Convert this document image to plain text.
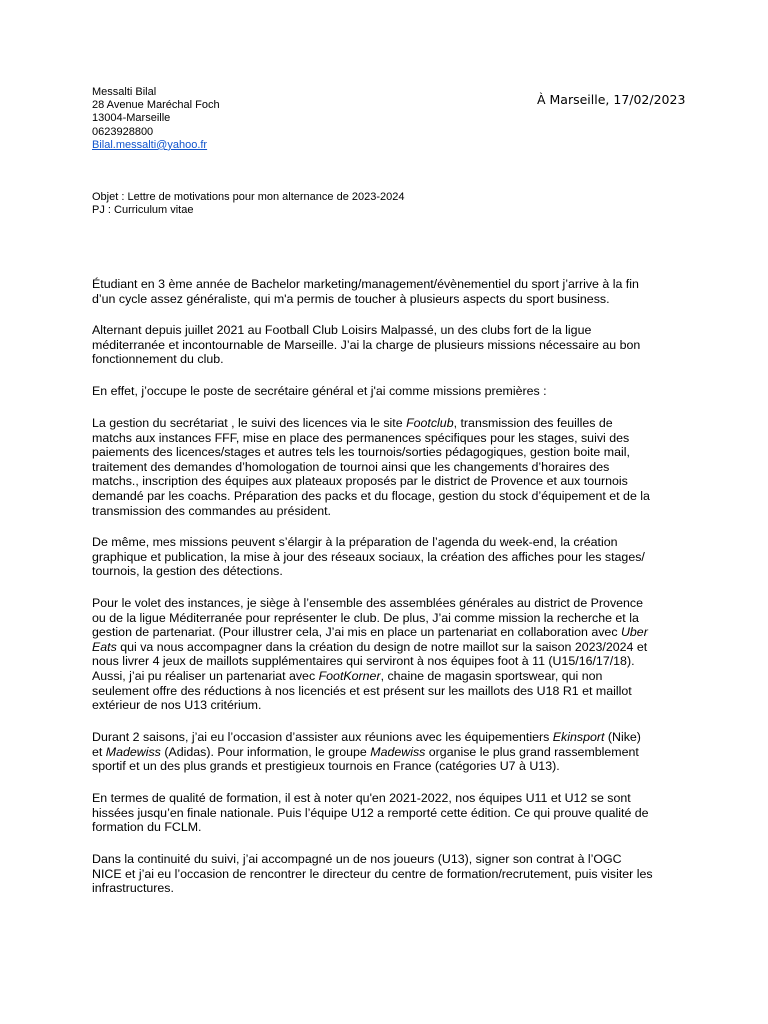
Messalti Bilal
28 Avenue Maréchal Foch
13004-Marseille
0623928800
Bilal.messalti@yahoo.fr
À Marseille, 17/02/2023
Objet : Lettre de motivations pour mon alternance de 2023-2024
PJ : Curriculum vitae

Étudiant en 3 ème année de Bachelor marketing/management/évènementiel du sport j’arrive à la fin
d’un cycle assez généraliste, qui m'a permis de toucher à plusieurs aspects du sport business.

Alternant depuis juillet 2021 au Football Club Loisirs Malpassé, un des clubs fort de la ligue
méditerranée et incontournable de Marseille. J’ai la charge de plusieurs missions nécessaire au bon
fonctionnement du club.

En effet, j’occupe le poste de secrétaire général et j'ai comme missions premières :

La gestion du secrétariat , le suivi des licences via le site Footclub, transmission des feuilles de
matchs aux instances FFF, mise en place des permanences spécifiques pour les stages, suivi des
paiements des licences/stages et autres tels les tournois/sorties pédagogiques, gestion boite mail,
traitement des demandes d’homologation de tournoi ainsi que les changements d’horaires des
matchs., inscription des équipes aux plateaux proposés par le district de Provence et aux tournois
demandé par les coachs. Préparation des packs et du flocage, gestion du stock d’équipement et de la
transmission des commandes au président.

De même, mes missions peuvent s’élargir à la préparation de l’agenda du week-end, la création
graphique et publication, la mise à jour des réseaux sociaux, la création des affiches pour les stages/
tournois, la gestion des détections.

Pour le volet des instances, je siège à l’ensemble des assemblées générales au district de Provence
ou de la ligue Méditerranée pour représenter le club. De plus, J’ai comme mission la recherche et la
gestion de partenariat. (Pour illustrer cela, J’ai mis en place un partenariat en collaboration avec Uber
Eats qui va nous accompagner dans la création du design de notre maillot sur la saison 2023/2024 et
nous livrer 4 jeux de maillots supplémentaires qui serviront à nos équipes foot à 11 (U15/16/17/18).
Aussi, j’ai pu réaliser un partenariat avec FootKorner, chaine de magasin sportswear, qui non
seulement offre des réductions à nos licenciés et est présent sur les maillots des U18 R1 et maillot
extérieur de nos U13 critérium.

Durant 2 saisons, j’ai eu l’occasion d’assister aux réunions avec les équipementiers Ekinsport (Nike)
et Madewiss (Adidas). Pour information, le groupe Madewiss organise le plus grand rassemblement
sportif et un des plus grands et prestigieux tournois en France (catégories U7 à U13).

En termes de qualité de formation, il est à noter qu'en 2021-2022, nos équipes U11 et U12 se sont
hissées jusqu’en finale nationale. Puis l’équipe U12 a remporté cette édition. Ce qui prouve qualité de
formation du FCLM.

Dans la continuité du suivi, j’ai accompagné un de nos joueurs (U13), signer son contrat à l’OGC
NICE et j’ai eu l’occasion de rencontrer le directeur du centre de formation/recrutement, puis visiter les
infrastructures.
